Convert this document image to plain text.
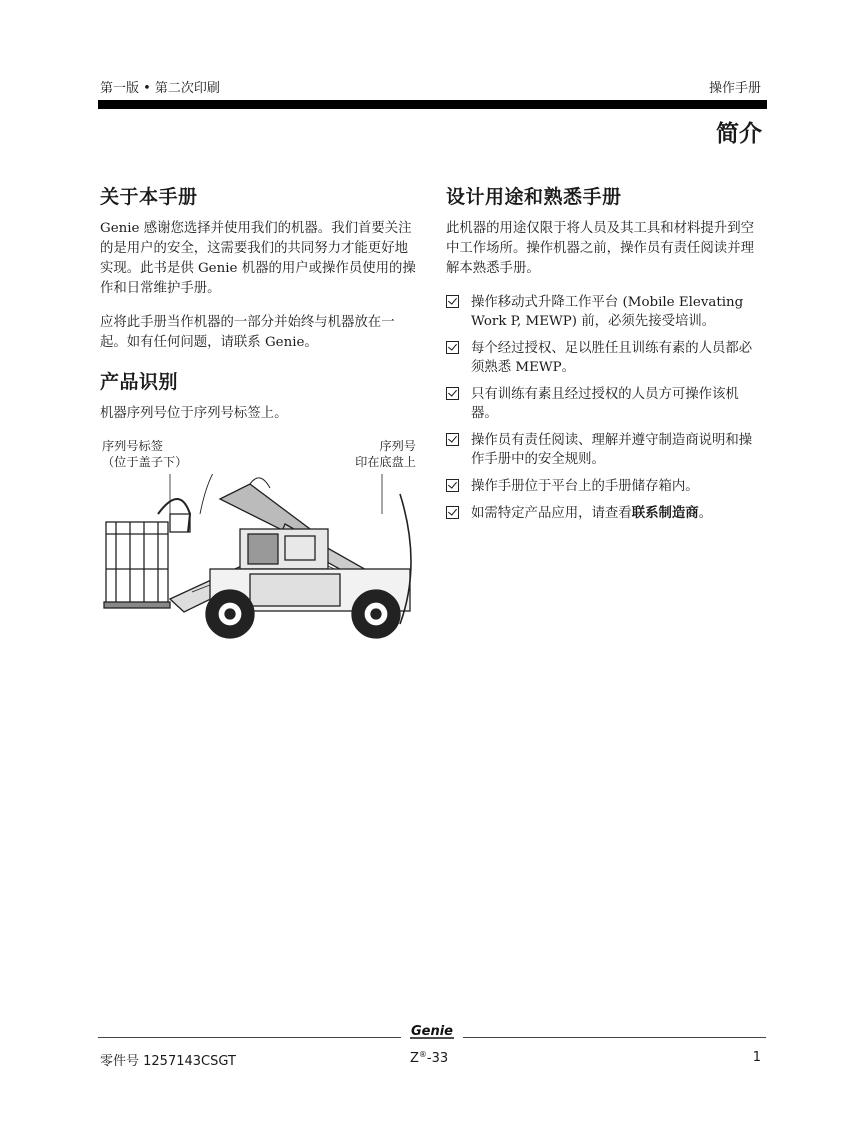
第一版 • 第二次印刷	操作手册
简介
关于本手册

Genie 感谢您选择并使用我们的机器。我们首要关注的是用户的安全，这需要我们的共同努力才能更好地实现。此书是供 Genie 机器的用户或操作员使用的操作和日常维护手册。

应将此手册当作机器的一部分并始终与机器放在一起。如有任何问题，请联系 Genie。

产品识别

机器序列号位于序列号标签上。

序列号标签
（位于盖子下）
序列号
印在底盘上
设计用途和熟悉手册

此机器的用途仅限于将人员及其工具和材料提升到空中工作场所。操作机器之前，操作员有责任阅读并理解本熟悉手册。

操作移动式升降工作平台 (Mobile Elevating Work P, MEWP) 前，必须先接受培训。
每个经过授权、足以胜任且训练有素的人员都必须熟悉 MEWP。
只有训练有素且经过授权的人员方可操作该机器。
操作员有责任阅读、理解并遵守制造商说明和操作手册中的安全规则。
操作手册位于平台上的手册储存箱内。
如需特定产品应用，请查看联系制造商。
Genie
零件号 1257143CSGT	Z®-33	1
